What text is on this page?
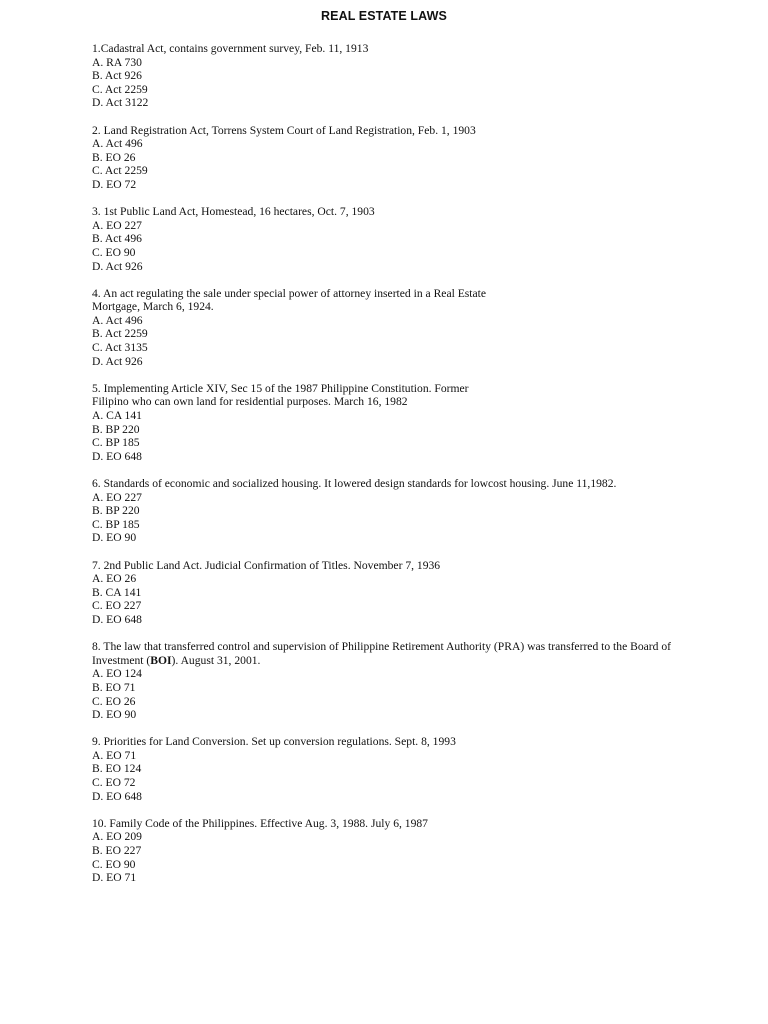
REAL ESTATE LAWS
1.Cadastral Act, contains government survey, Feb. 11, 1913
A. RA 730
B. Act 926
C. Act 2259
D. Act 3122
2. Land Registration Act, Torrens System Court of Land Registration, Feb. 1, 1903
A. Act 496
B. EO 26
C. Act 2259
D. EO 72
3. 1st Public Land Act, Homestead, 16 hectares, Oct. 7, 1903
A. EO 227
B. Act 496
C. EO 90
D. Act 926
4. An act regulating the sale under special power of attorney inserted in a Real Estate
Mortgage, March 6, 1924.
A. Act 496
B. Act 2259
C. Act 3135
D. Act 926
5. Implementing Article XIV, Sec 15 of the 1987 Philippine Constitution. Former
Filipino who can own land for residential purposes. March 16, 1982
A. CA 141
B. BP 220
C. BP 185
D. EO 648
6. Standards of economic and socialized housing. It lowered design standards for lowcost housing. June 11,1982.
A. EO 227
B. BP 220
C. BP 185
D. EO 90
7. 2nd Public Land Act. Judicial Confirmation of Titles. November 7, 1936
A. EO 26
B. CA 141
C. EO 227
D. EO 648
8. The law that transferred control and supervision of Philippine Retirement Authority (PRA) was transferred to the Board of
Investment (BOI). August 31, 2001.
A. EO 124
B. EO 71
C. EO 26
D. EO 90
9. Priorities for Land Conversion. Set up conversion regulations. Sept. 8, 1993
A. EO 71
B. EO 124
C. EO 72
D. EO 648
10. Family Code of the Philippines. Effective Aug. 3, 1988. July 6, 1987
A. EO 209
B. EO 227
C. EO 90
D. EO 71
